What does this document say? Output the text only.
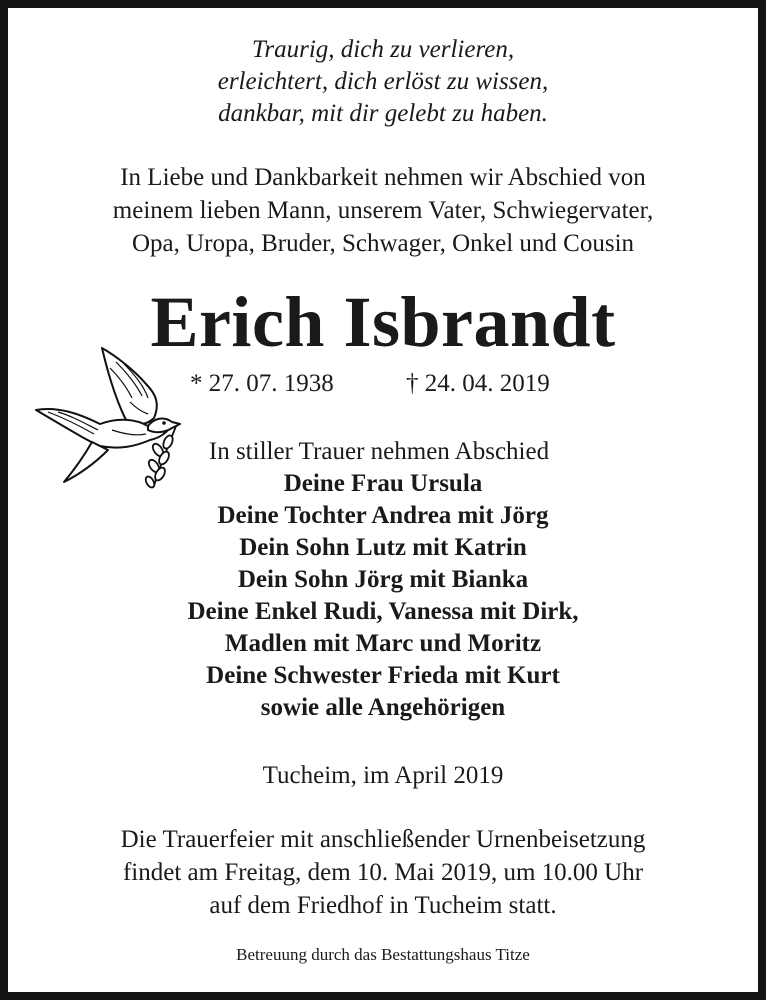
Traurig, dich zu verlieren,
erleichtert, dich erlöst zu wissen,
dankbar, mit dir gelebt zu haben.
In Liebe und Dankbarkeit nehmen wir Abschied von
meinem lieben Mann, unserem Vater, Schwiegervater,
Opa, Uropa, Bruder, Schwager, Onkel und Cousin
Erich Isbrandt
* 27. 07. 1938	† 24. 04. 2019
In stiller Trauer nehmen Abschied
Deine Frau Ursula
Deine Tochter Andrea mit Jörg
Dein Sohn Lutz mit Katrin
Dein Sohn Jörg mit Bianka
Deine Enkel Rudi, Vanessa mit Dirk,
Madlen mit Marc und Moritz
Deine Schwester Frieda mit Kurt
sowie alle Angehörigen
Tucheim, im April 2019
Die Trauerfeier mit anschließender Urnenbeisetzung
findet am Freitag, dem 10. Mai 2019, um 10.00 Uhr
auf dem Friedhof in Tucheim statt.
Betreuung durch das Bestattungshaus Titze
